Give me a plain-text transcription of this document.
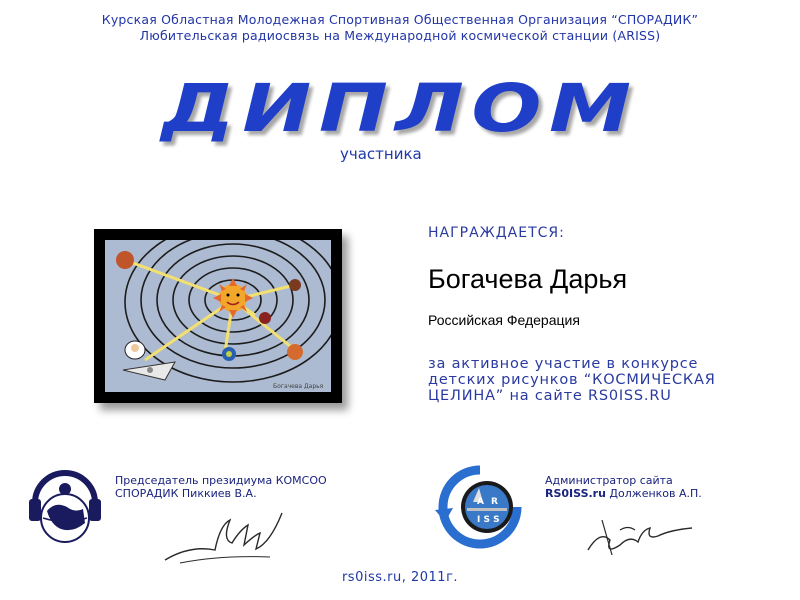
Курская Областная Молодежная Спортивная Общественная Организация “СПОРАДИК”
Любительская радиосвязь на Международной космической станции (ARISS)
ДИПЛОМ
участника
Богачева Дарья
НАГРАЖДАЕТСЯ:
Богачева Дарья
Российская Федерация
за активное участие в конкурсе
детских рисунков “КОСМИЧЕСКАЯ
ЦЕЛИНА” на сайте RS0ISS.RU
Председатель президиума КОМСОО
СПОРАДИК Пиккиев В.А.
A R
I S S
Администратор сайта
RS0ISS.ru Долженков А.П.
rs0iss.ru, 2011г.
